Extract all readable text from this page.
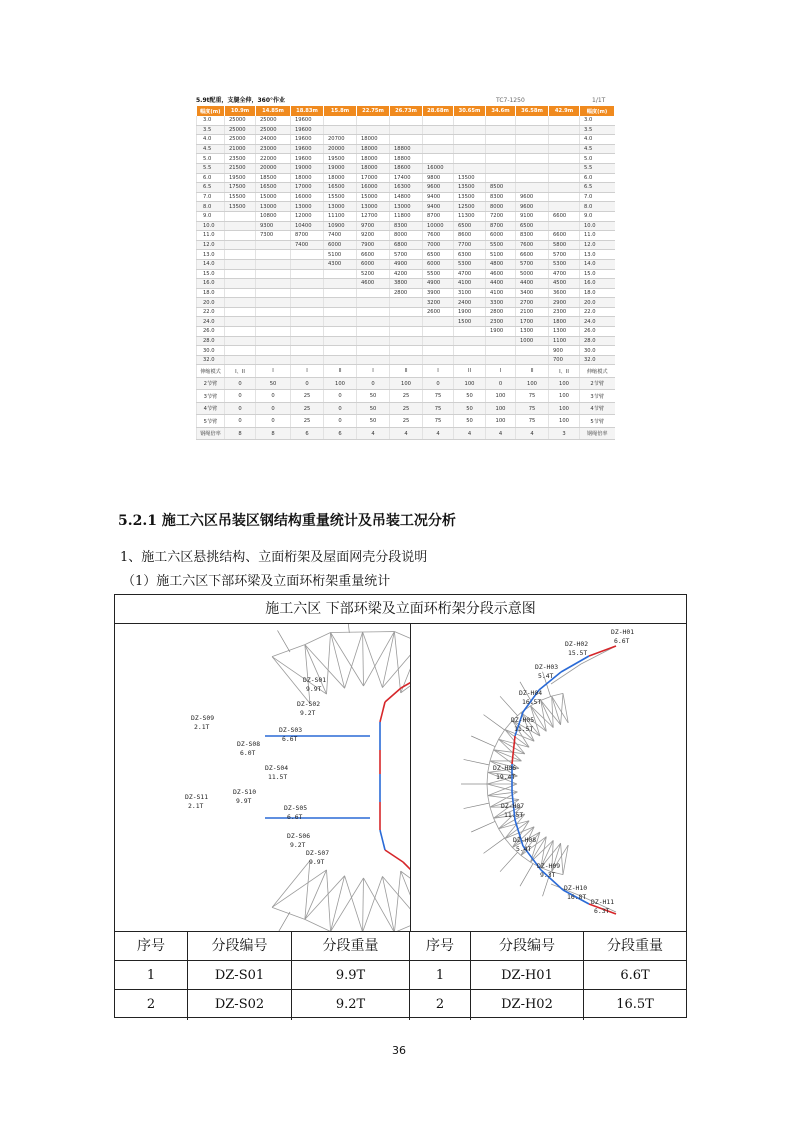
5.9t配重，支腿全伸，360°作业	TC7-1250	1/1T
幅度(m)	10.9m	14.85m	18.83m	15.8m	22.75m	26.73m	28.68m	30.65m	34.6m	36.58m	42.9m	幅度(m)
3.0	25000	25000	19600									3.0
3.5	25000	25000	19600									3.5
4.0	25000	24000	19600	20700	18000							4.0
4.5	21000	23000	19600	20000	18000	18800						4.5
5.0	23500	22000	19600	19500	18000	18800						5.0
5.5	21500	20000	19000	19000	18000	18600	16000					5.5
6.0	19500	18500	18000	18000	17000	17400	9800	13500				6.0
6.5	17500	16500	17000	16500	16000	16300	9600	13500	8500			6.5
7.0	15500	15000	16000	15500	15000	14800	9400	13500	8300	9600		7.0
8.0	13500	13000	13000	13000	13000	13000	9400	12500	8000	9600		8.0
9.0		10800	12000	11100	12700	11800	8700	11300	7200	9100	6600	9.0
10.0		9300	10400	10900	9700	8300	10000	6500	8700	6500		10.0
11.0		7300	8700	7400	9200	8000	7600	8600	6000	8300	6600	11.0
12.0			7400	6000	7900	6800	7000	7700	5500	7600	5800	12.0
13.0				5100	6600	5700	6500	6300	5100	6600	5700	13.0
14.0				4300	6000	4900	6000	5300	4800	5700	5300	14.0
15.0					5200	4200	5500	4700	4600	5000	4700	15.0
16.0					4600	3800	4900	4100	4400	4400	4500	16.0
18.0						2800	3900	3100	4100	3400	3600	18.0
20.0							3200	2400	3300	2700	2900	20.0
22.0							2600	1900	2800	2100	2300	22.0
24.0								1500	2300	1700	1800	24.0
26.0									1900	1300	1300	26.0
28.0										1000	1100	28.0
30.0											900	30.0
32.0											700	32.0
伸缩模式	I、II	I	I	II	I	II	I	II	I	II	I、II	伸缩模式
2节臂	0	50	0	100	0	100	0	100	0	100	100	2节臂
3节臂	0	0	25	0	50	25	75	50	100	75	100	3节臂
4节臂	0	0	25	0	50	25	75	50	100	75	100	4节臂
5节臂	0	0	25	0	50	25	75	50	100	75	100	5节臂
钢绳倍率	8	8	6	6	4	4	4	4	4	4	3	钢绳倍率
5.2.1 施工六区吊装区钢结构重量统计及吊装工况分析
1、施工六区悬挑结构、立面桁架及屋面网壳分段说明
（1）施工六区下部环梁及立面环桁架重量统计
施工六区 下部环梁及立面环桁架分段示意图
DZ-S01
9.9T
DZ-S02
9.2T
DZ-S03
6.6T
DZ-S09
2.1T
DZ-S08
6.0T
DZ-S04
11.5T
DZ-S11
2.1T
DZ-S10
9.9T
DZ-S05
6.6T
DZ-S06
9.2T
DZ-S07
9.9T
DZ-H01
6.6T
DZ-H02
15.5T
DZ-H03
5.4T
DZ-H04
16.5T
DZ-H05
11.5T
DZ-H06
19.4T
DZ-H07
11.5T
DZ-H08
5.4T
DZ-H09
9.3T
DZ-H10
16.8T
DZ-H11
6.3T
序号	分段编号	分段重量	序号	分段编号	分段重量
1	DZ-S01	9.9T	1	DZ-H01	6.6T
2	DZ-S02	9.2T	2	DZ-H02	16.5T
36
